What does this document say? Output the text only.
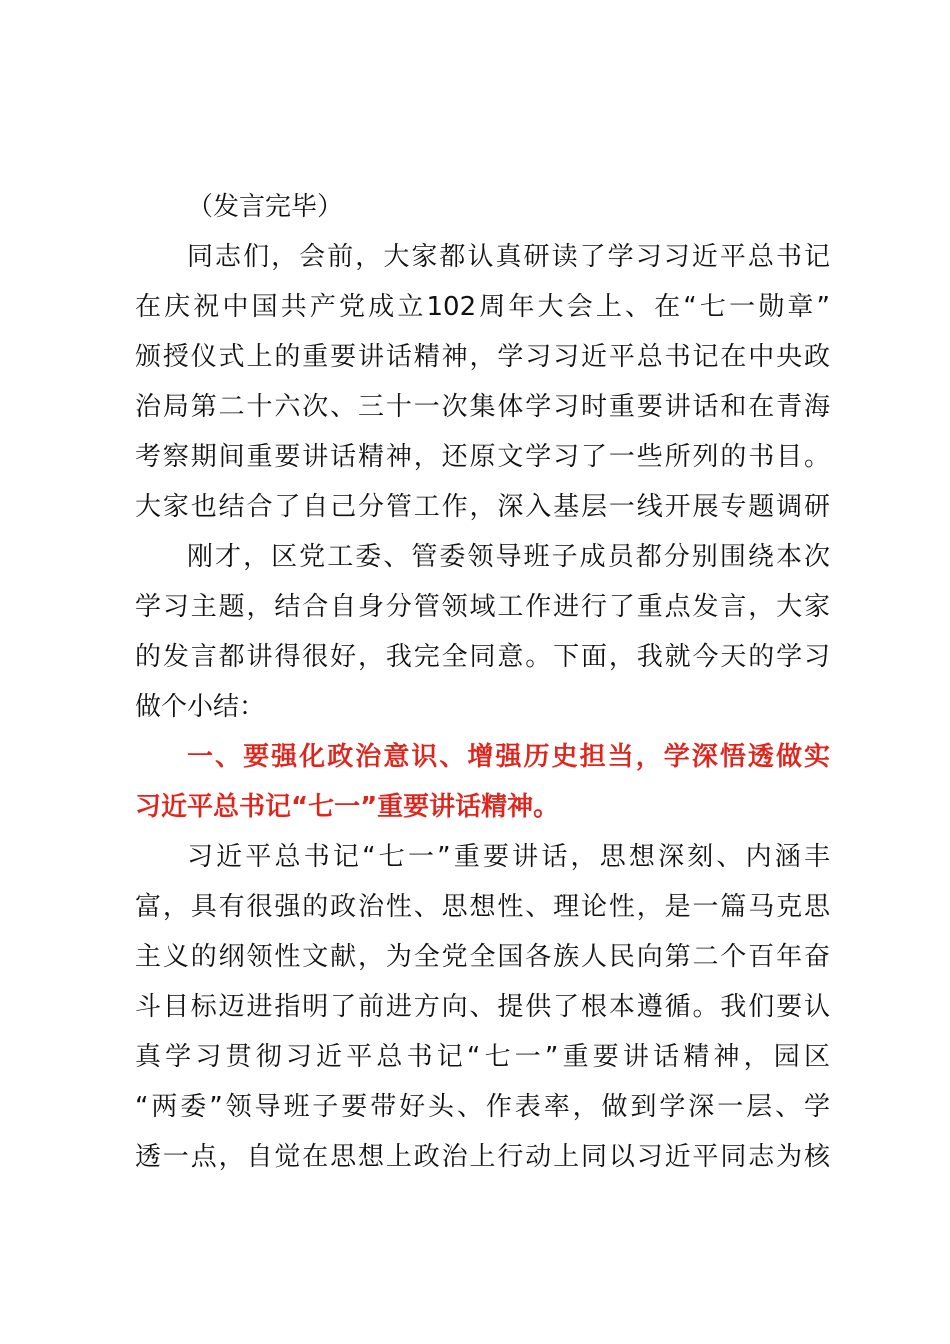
（发言完毕）
同志们，会前，大家都认真研读了学习习近平总书记
在庆祝中国共产党成立102周年大会上、在“七一勋章”
颁授仪式上的重要讲话精神，学习习近平总书记在中央政
治局第二十六次、三十一次集体学习时重要讲话和在青海
考察期间重要讲话精神，还原文学习了一些所列的书目。
大家也结合了自己分管工作，深入基层一线开展专题调研
刚才，区党工委、管委领导班子成员都分别围绕本次
学习主题，结合自身分管领域工作进行了重点发言，大家
的发言都讲得很好，我完全同意。下面，我就今天的学习
做个小结：
一、要强化政治意识、增强历史担当，学深悟透做实
习近平总书记“七一”重要讲话精神。
习近平总书记“七一”重要讲话，思想深刻、内涵丰
富，具有很强的政治性、思想性、理论性，是一篇马克思
主义的纲领性文献，为全党全国各族人民向第二个百年奋
斗目标迈进指明了前进方向、提供了根本遵循。我们要认
真学习贯彻习近平总书记“七一”重要讲话精神，园区
“两委”领导班子要带好头、作表率，做到学深一层、学
透一点，自觉在思想上政治上行动上同以习近平同志为核
